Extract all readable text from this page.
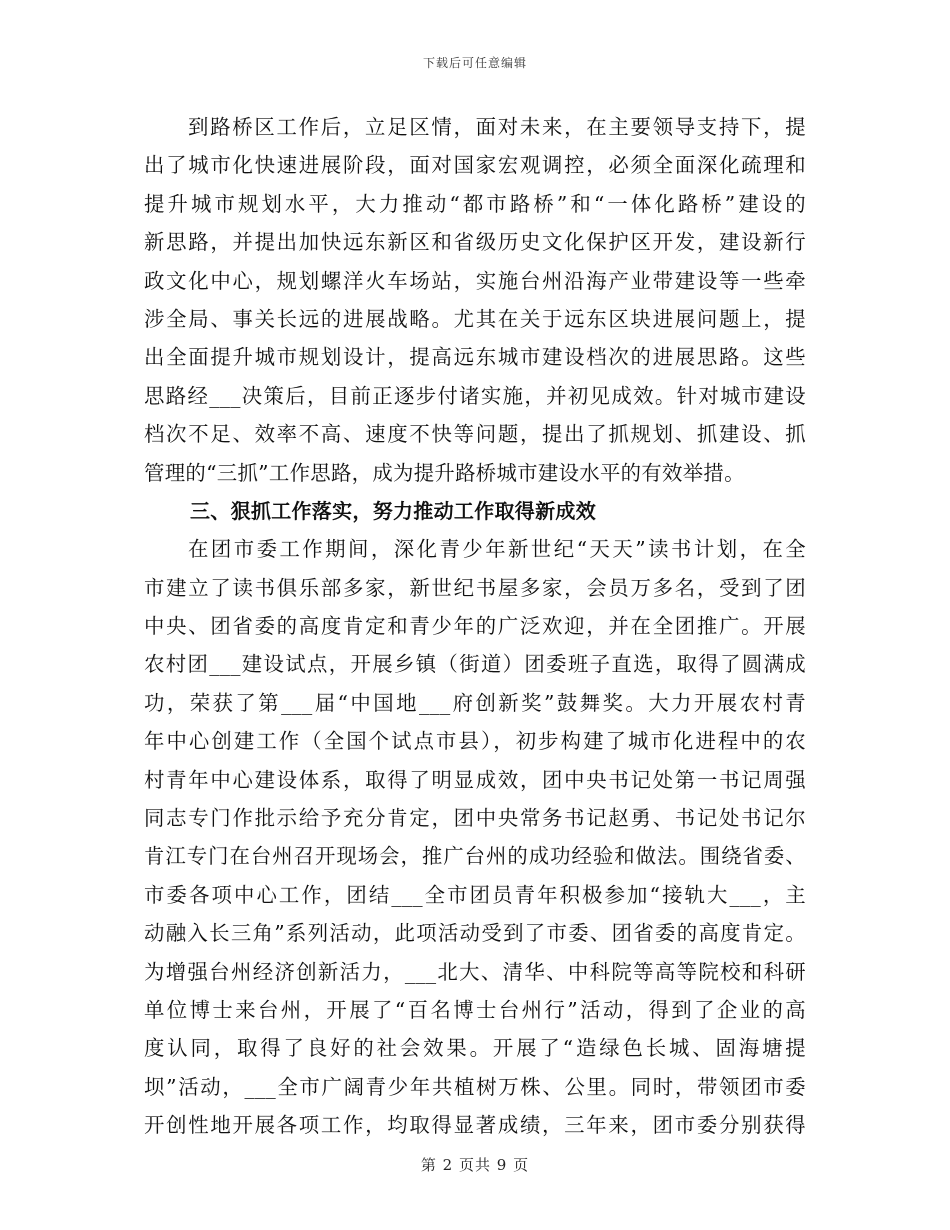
下载后可任意编辑
到路桥区工作后，立足区情，面对未来，在主要领导支持下，提
出了城市化快速进展阶段，面对国家宏观调控，必须全面深化疏理和
提升城市规划水平，大力推动“都市路桥”和“一体化路桥”建设的
新思路，并提出加快远东新区和省级历史文化保护区开发，建设新行
政文化中心，规划螺洋火车场站，实施台州沿海产业带建设等一些牵
涉全局、事关长远的进展战略。尤其在关于远东区块进展问题上，提
出全面提升城市规划设计，提高远东城市建设档次的进展思路。这些
思路经___决策后，目前正逐步付诸实施，并初见成效。针对城市建设
档次不足、效率不高、速度不快等问题，提出了抓规划、抓建设、抓
管理的“三抓”工作思路，成为提升路桥城市建设水平的有效举措。
三、狠抓工作落实，努力推动工作取得新成效
在团市委工作期间，深化青少年新世纪“天天”读书计划，在全
市建立了读书俱乐部多家，新世纪书屋多家，会员万多名，受到了团
中央、团省委的高度肯定和青少年的广泛欢迎，并在全团推广。开展
农村团___建设试点，开展乡镇（街道）团委班子直选，取得了圆满成
功，荣获了第___届“中国地___府创新奖”鼓舞奖。大力开展农村青
年中心创建工作（全国个试点市县），初步构建了城市化进程中的农
村青年中心建设体系，取得了明显成效，团中央书记处第一书记周强
同志专门作批示给予充分肯定，团中央常务书记赵勇、书记处书记尔
肯江专门在台州召开现场会，推广台州的成功经验和做法。围绕省委、
市委各项中心工作，团结___全市团员青年积极参加“接轨大___，主
动融入长三角”系列活动，此项活动受到了市委、团省委的高度肯定。
为增强台州经济创新活力，___北大、清华、中科院等高等院校和科研
单位博士来台州，开展了“百名博士台州行”活动，得到了企业的高
度认同，取得了良好的社会效果。开展了“造绿色长城、固海塘提
坝”活动，___全市广阔青少年共植树万株、公里。同时，带领团市委
开创性地开展各项工作，均取得显著成绩，三年来，团市委分别获得
第 2 页共 9 页
